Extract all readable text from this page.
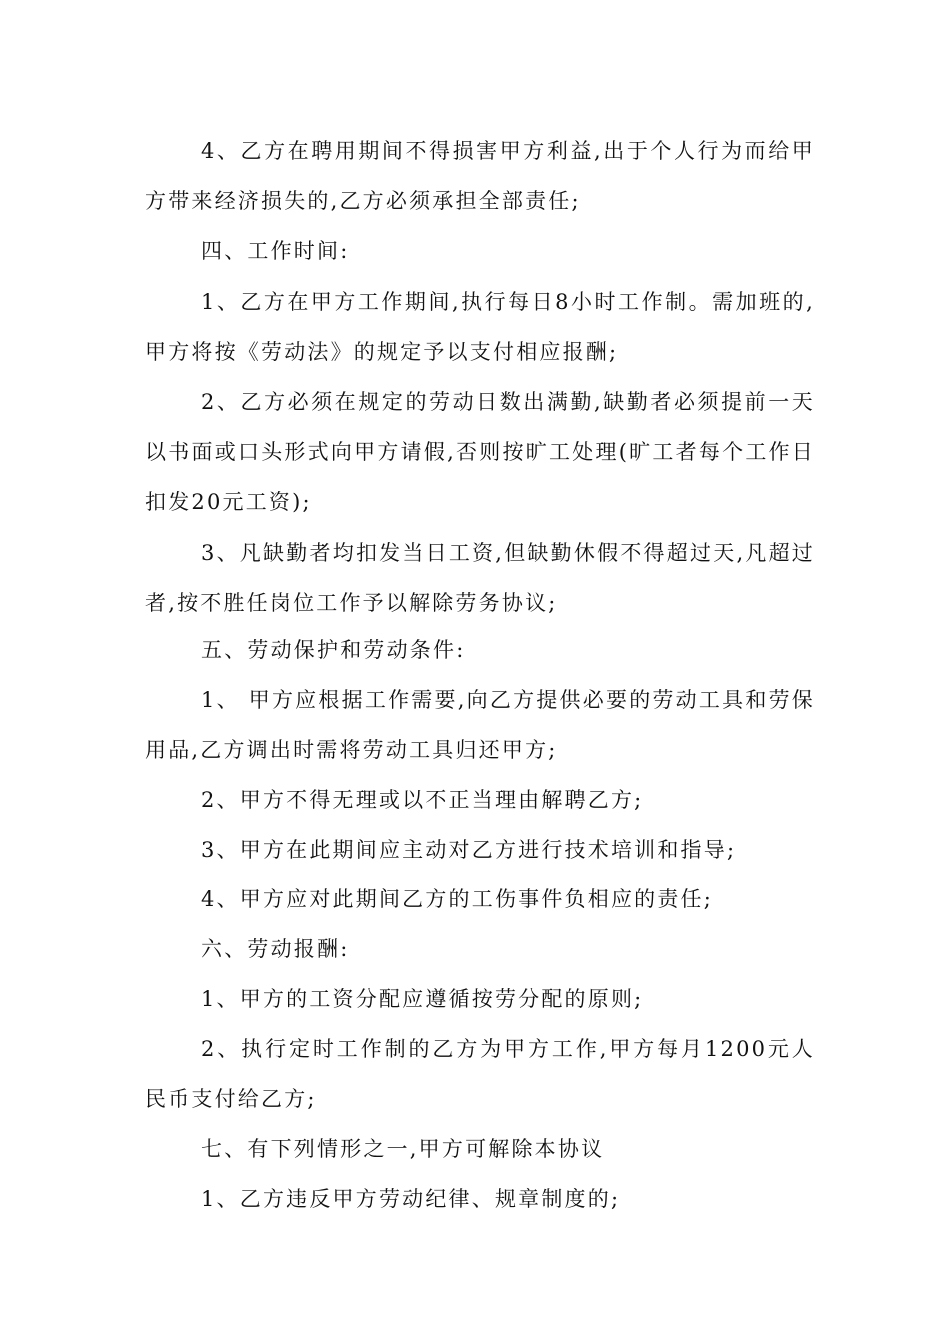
4、乙方在聘用期间不得损害甲方利益,出于个人行为而给甲方带来经济损失的,乙方必须承担全部责任;

四、工作时间:

1、乙方在甲方工作期间,执行每日8小时工作制。需加班的,甲方将按《劳动法》的规定予以支付相应报酬;

2、乙方必须在规定的劳动日数出满勤,缺勤者必须提前一天以书面或口头形式向甲方请假,否则按旷工处理(旷工者每个工作日扣发20元工资);

3、凡缺勤者均扣发当日工资,但缺勤休假不得超过天,凡超过者,按不胜任岗位工作予以解除劳务协议;

五、劳动保护和劳动条件:

1、 甲方应根据工作需要,向乙方提供必要的劳动工具和劳保用品,乙方调出时需将劳动工具归还甲方;

2、甲方不得无理或以不正当理由解聘乙方;

3、甲方在此期间应主动对乙方进行技术培训和指导;

4、甲方应对此期间乙方的工伤事件负相应的责任;

六、劳动报酬:

1、甲方的工资分配应遵循按劳分配的原则;

2、执行定时工作制的乙方为甲方工作,甲方每月1200元人民币支付给乙方;

七、有下列情形之一,甲方可解除本协议

1、乙方违反甲方劳动纪律、规章制度的;
